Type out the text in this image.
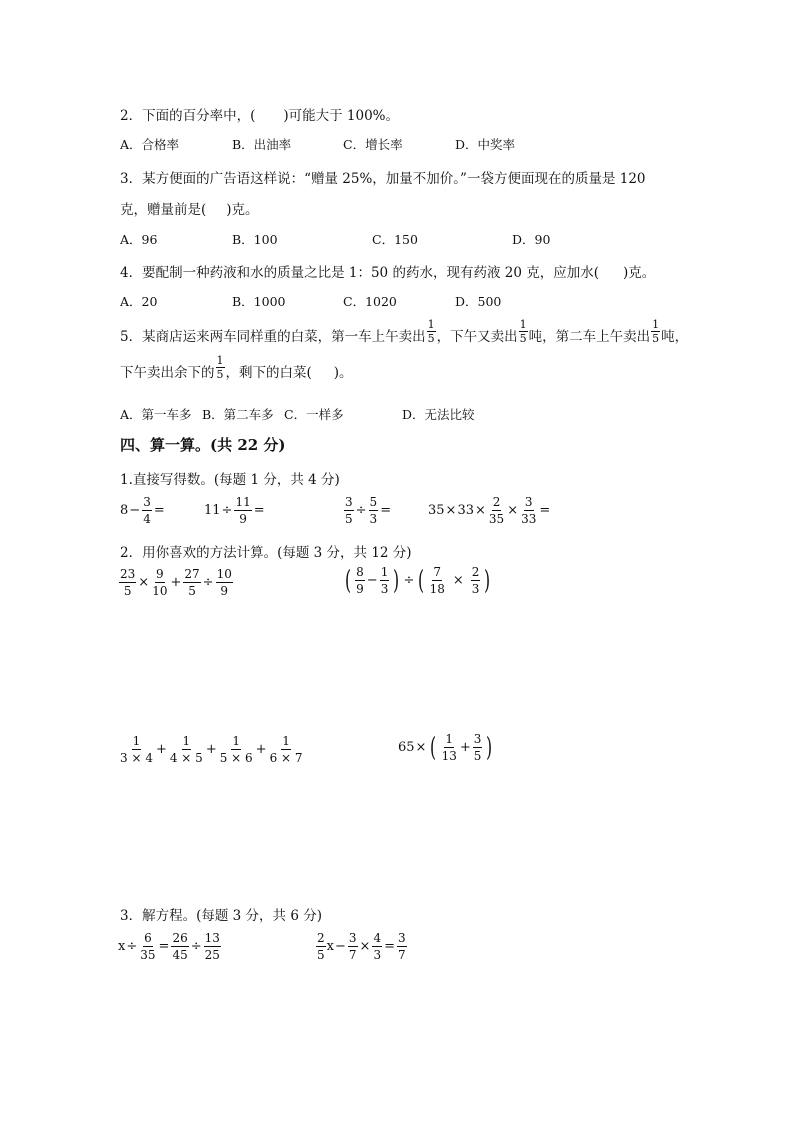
2．下面的百分率中，( )可能大于 100%。
A．合格率	B．出油率	C．增长率	D．中奖率
3．某方便面的广告语这样说：“赠量 25%，加量不加价。”一袋方便面现在的质量是 120
克，赠量前是( )克。
A．96	B．100	C．150	D．90
4．要配制一种药液和水的质量之比是 1：50 的药水，现有药液 20 克，应加水( )克。
A．20	B．1000	C．1020	D．500
5．某商店运来两车同样重的白菜，第一车上午卖出 $\frac{1}{5}$ ，下午又卖出 $\frac{1}{5}$ 吨，第二车上午卖出 $\frac{1}{5}$ 吨，
下午卖出余下的 $\frac{1}{5}$ ，剩下的白菜( )。
A．第一车多 B．第二车多 C．一样多	D．无法比较
四、算一算。(共 22 分)
1.直接写得数。(每题 1 分，共 4 分)
$8 - \frac{3}{4}$ =	$11 \div \frac{11}{9}$ =	$\frac{3}{5} \div \frac{5}{3}$ =	$35 \times 33 \times \frac{2}{35} \times \frac{3}{33}$ =
2．用你喜欢的方法计算。(每题 3 分，共 12 分)
$\frac{23}{5} \times \frac{9}{10} + \frac{27}{5} \div \frac{10}{9}$	( $\frac{8}{9} - \frac{1}{3}$ ) ÷ ( $\frac{7}{18} \times \frac{2}{3}$ )
$\frac{1}{3 \times 4} + \frac{1}{4 \times 5} + \frac{1}{5 \times 6} + \frac{1}{6 \times 7}$	65 × ( $\frac{1}{13} + \frac{3}{5}$ )
3．解方程。(每题 3 分，共 6 分)
$x \div \frac{6}{35} = \frac{26}{45} \div \frac{13}{25}$	$\frac{2}{5}$ $x - \frac{3}{7} \times \frac{4}{3} = \frac{3}{7}$
